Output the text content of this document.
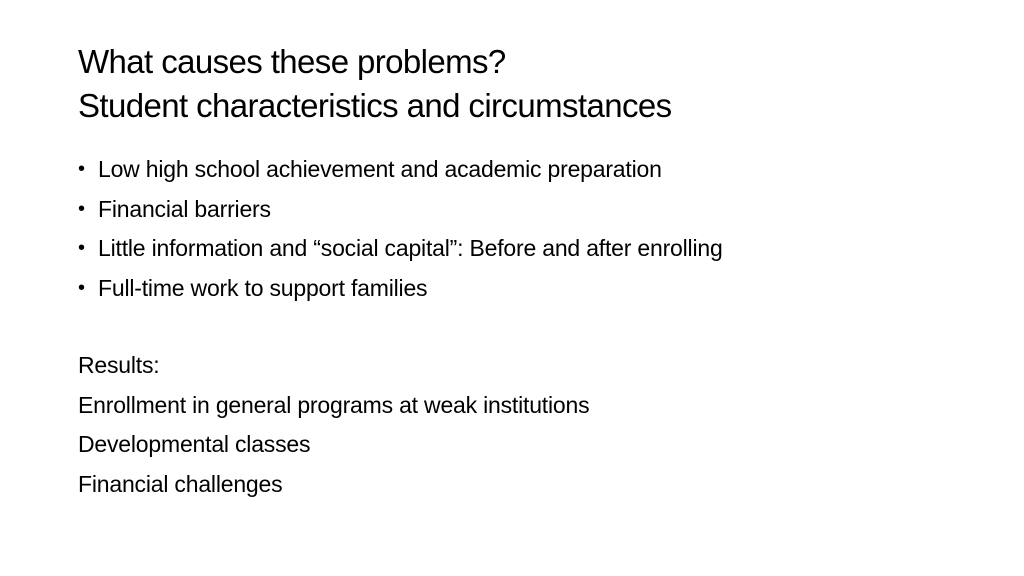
What causes these problems?
Student characteristics and circumstances
• Low high school achievement and academic preparation
• Financial barriers
• Little information and “social capital”: Before and after enrolling
• Full-time work to support families
Results:
Enrollment in general programs at weak institutions
Developmental classes
Financial challenges
